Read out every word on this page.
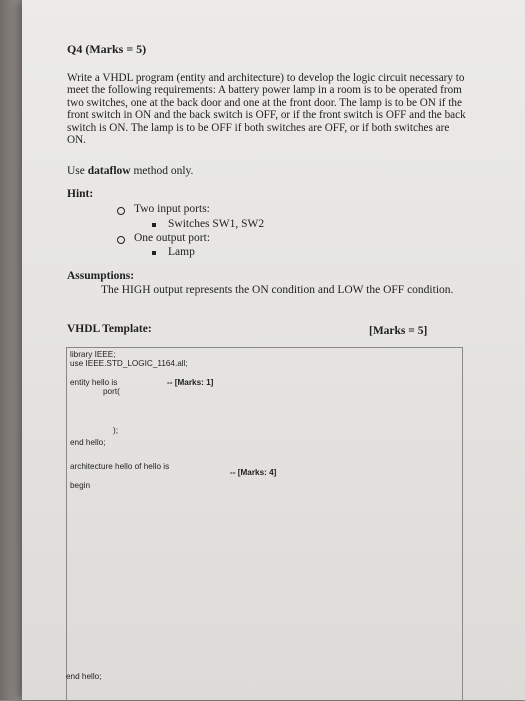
Q4 (Marks = 5)
Write a VHDL program (entity and architecture) to develop the logic circuit necessary to meet the following requirements: A battery power lamp in a room is to be operated from two switches, one at the back door and one at the front door. The lamp is to be ON if the front switch in ON and the back switch is OFF, or if the front switch is OFF and the back switch is ON. The lamp is to be OFF if both switches are OFF, or if both switches are ON.
Use dataflow method only.
Hint:
Two input ports:
Switches SW1, SW2
One output port:
Lamp
Assumptions:
The HIGH output represents the ON condition and LOW the OFF condition.
VHDL Template:	[Marks = 5]
library IEEE;
use IEEE.STD_LOGIC_1164.all;
entity hello is	-- [Marks: 1]
port(
);
end hello;
architecture hello of hello is
-- [Marks: 4]
begin
end hello;
